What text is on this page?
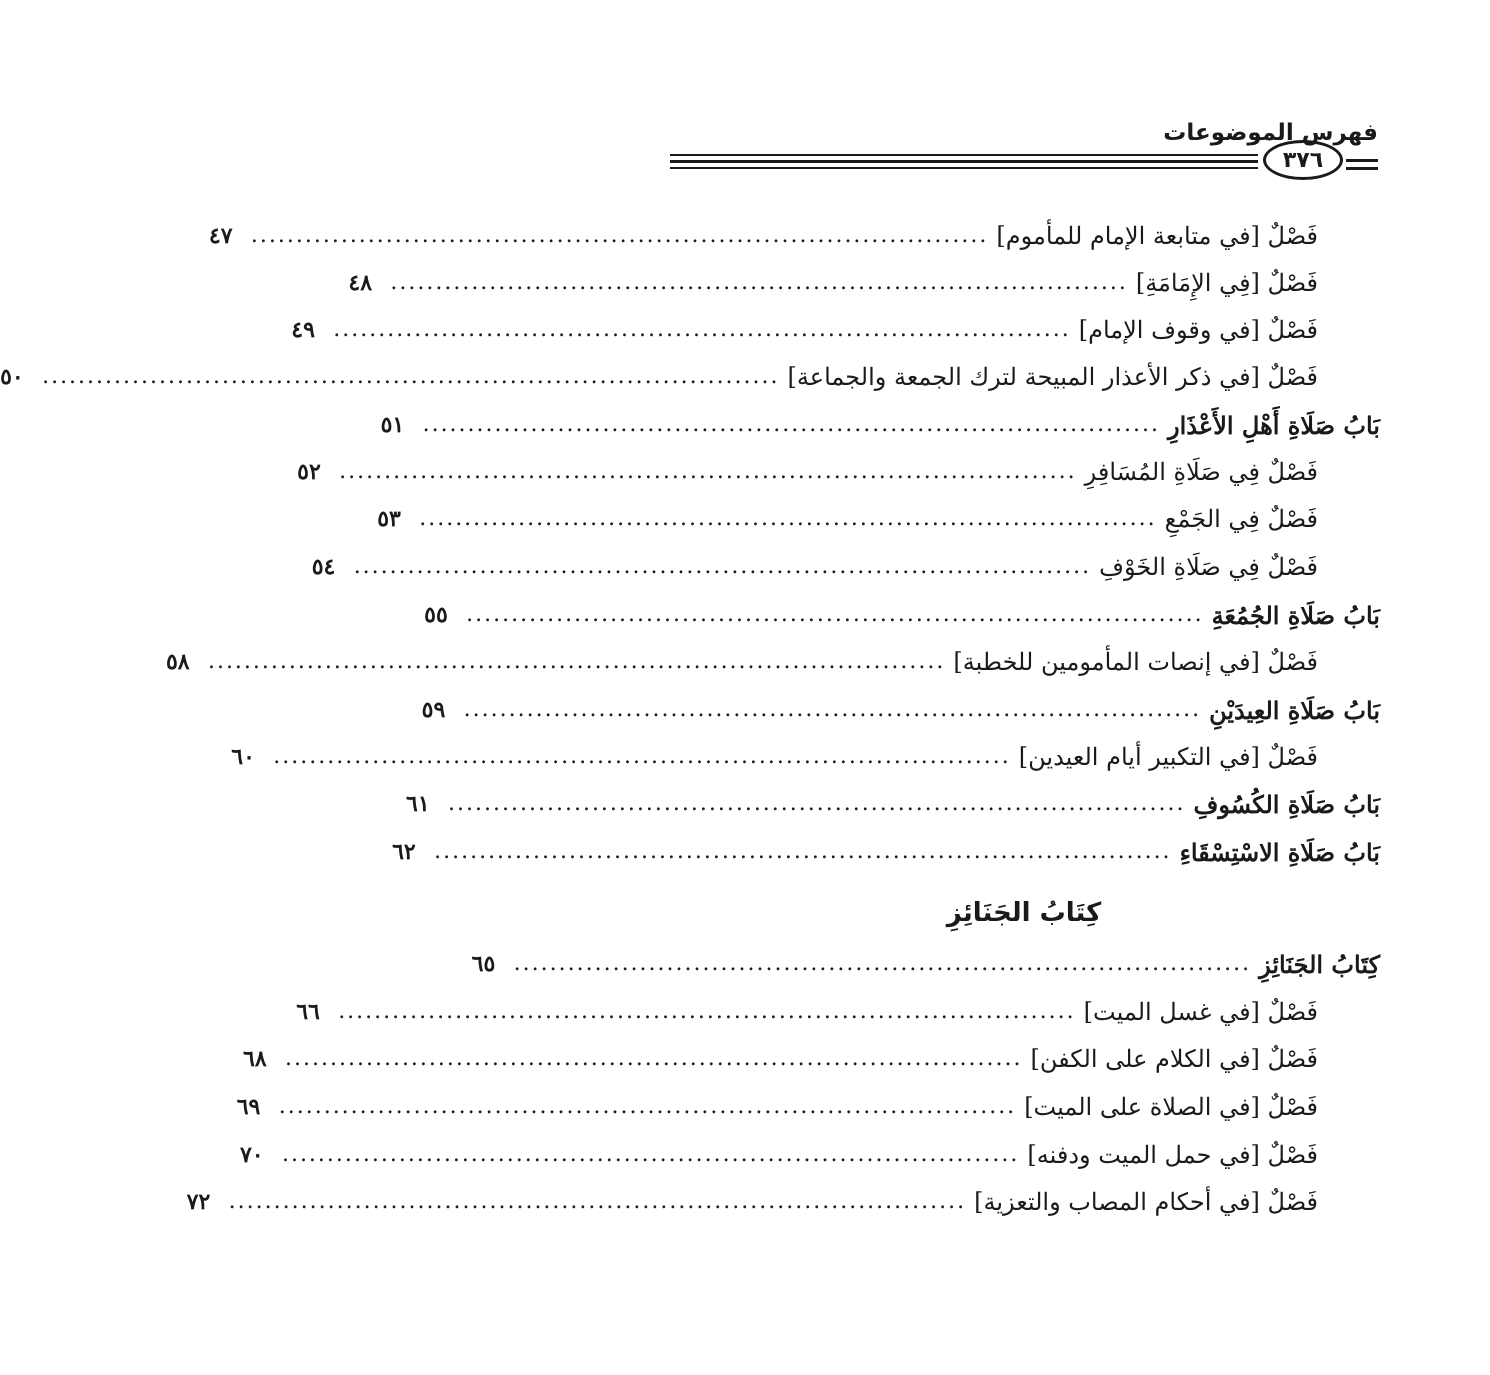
فهرس الموضوعات
٣٧٦
فَصْلٌ [في متابعة الإمام للمأموم]
..................................................................................
٤٧
فَصْلٌ [فِي الإِمَامَةِ]
..................................................................................
٤٨
فَصْلٌ [في وقوف الإمام]
..................................................................................
٤٩
فَصْلٌ [في ذكر الأعذار المبيحة لترك الجمعة والجماعة]
..................................................................................
٥٠
بَابُ صَلَاةِ أَهْلِ الأَعْذَارِ
..................................................................................
٥١
فَصْلٌ فِي صَلَاةِ المُسَافِرِ
..................................................................................
٥٢
فَصْلٌ فِي الجَمْعِ
..................................................................................
٥٣
فَصْلٌ فِي صَلَاةِ الخَوْفِ
..................................................................................
٥٤
بَابُ صَلَاةِ الجُمُعَةِ
..................................................................................
٥٥
فَصْلٌ [في إنصات المأمومين للخطبة]
..................................................................................
٥٨
بَابُ صَلَاةِ العِيدَيْنِ
..................................................................................
٥٩
فَصْلٌ [في التكبير أيام العيدين]
..................................................................................
٦٠
بَابُ صَلَاةِ الكُسُوفِ
..................................................................................
٦١
بَابُ صَلَاةِ الاسْتِسْقَاءِ
..................................................................................
٦٢
كِتَابُ الجَنَائِزِ
..................................................................................
٦٥
فَصْلٌ [في غسل الميت]
..................................................................................
٦٦
فَصْلٌ [في الكلام على الكفن]
..................................................................................
٦٨
فَصْلٌ [في الصلاة على الميت]
..................................................................................
٦٩
فَصْلٌ [في حمل الميت ودفنه]
..................................................................................
٧٠
فَصْلٌ [في أحكام المصاب والتعزية]
..................................................................................
٧٢
كِتَابُ الجَنَائِزِ
